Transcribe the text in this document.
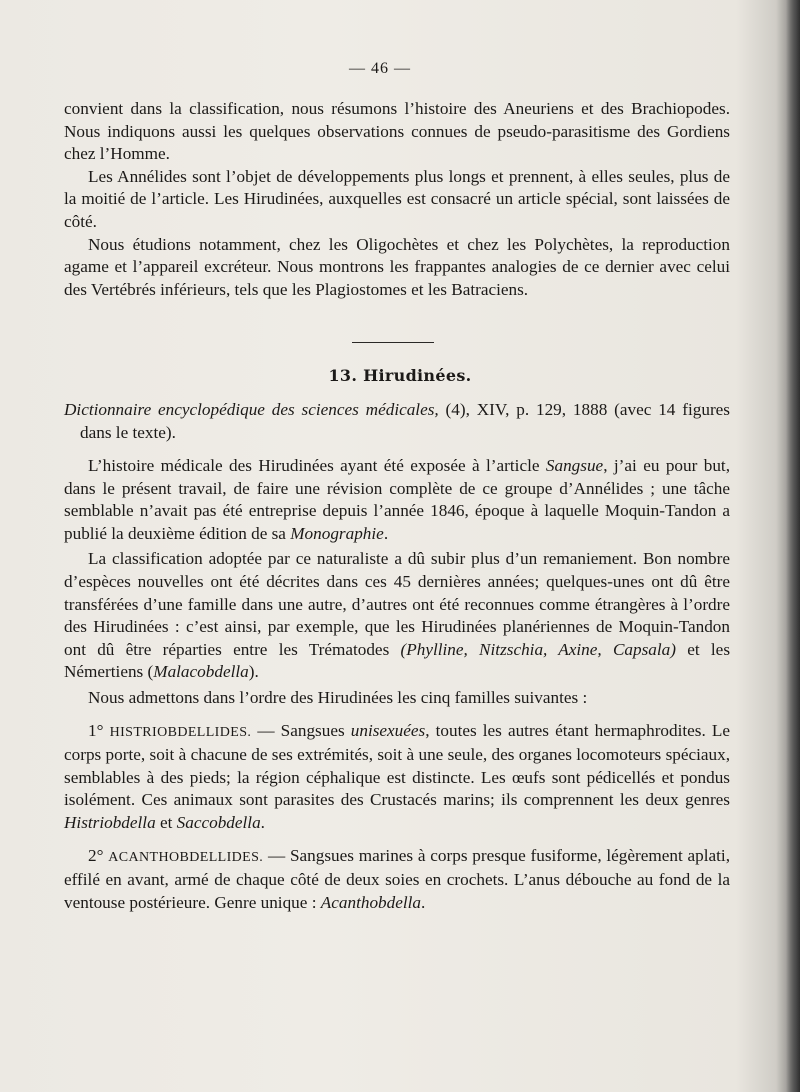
— 46 —

convient dans la classification, nous résumons l’histoire des Aneuriens et des Brachiopodes. Nous indiquons aussi les quelques observations connues de pseudo-parasitisme des Gordiens chez l’Homme.

Les Annélides sont l’objet de développements plus longs et prennent, à elles seules, plus de la moitié de l’article. Les Hirudinées, auxquelles est consacré un article spécial, sont laissées de côté.

Nous étudions notamment, chez les Oligochètes et chez les Polychètes, la reproduction agame et l’appareil excréteur. Nous montrons les frappantes analogies de ce dernier avec celui des Vertébrés inférieurs, tels que les Plagiostomes et les Batraciens.

13. Hirudinées.

Dictionnaire encyclopédique des sciences médicales, (4), XIV, p. 129, 1888 (avec 14 figures dans le texte).

L’histoire médicale des Hirudinées ayant été exposée à l’article Sangsue, j’ai eu pour but, dans le présent travail, de faire une révision complète de ce groupe d’Annélides ; une tâche semblable n’avait pas été entreprise depuis l’année 1846, époque à laquelle Moquin-Tandon a publié la deuxième édition de sa Monographie.

La classification adoptée par ce naturaliste a dû subir plus d’un remaniement. Bon nombre d’espèces nouvelles ont été décrites dans ces 45 dernières années; quelques-unes ont dû être transférées d’une famille dans une autre, d’autres ont été reconnues comme étrangères à l’ordre des Hirudinées : c’est ainsi, par exemple, que les Hirudinées planériennes de Moquin-Tandon ont dû être réparties entre les Trématodes (Phylline, Nitzschia, Axine, Capsala) et les Némertiens (Malacobdella).

Nous admettons dans l’ordre des Hirudinées les cinq familles suivantes :

1° HISTRIOBDELLIDES. — Sangsues unisexuées, toutes les autres étant hermaphrodites. Le corps porte, soit à chacune de ses extrémités, soit à une seule, des organes locomoteurs spéciaux, semblables à des pieds; la région céphalique est distincte. Les œufs sont pédicellés et pondus isolément. Ces animaux sont parasites des Crustacés marins; ils comprennent les deux genres Histriobdella et Saccobdella.

2° ACANTHOBDELLIDES. — Sangsues marines à corps presque fusiforme, légèrement aplati, effilé en avant, armé de chaque côté de deux soies en crochets. L’anus débouche au fond de la ventouse postérieure. Genre unique : Acanthobdella.
